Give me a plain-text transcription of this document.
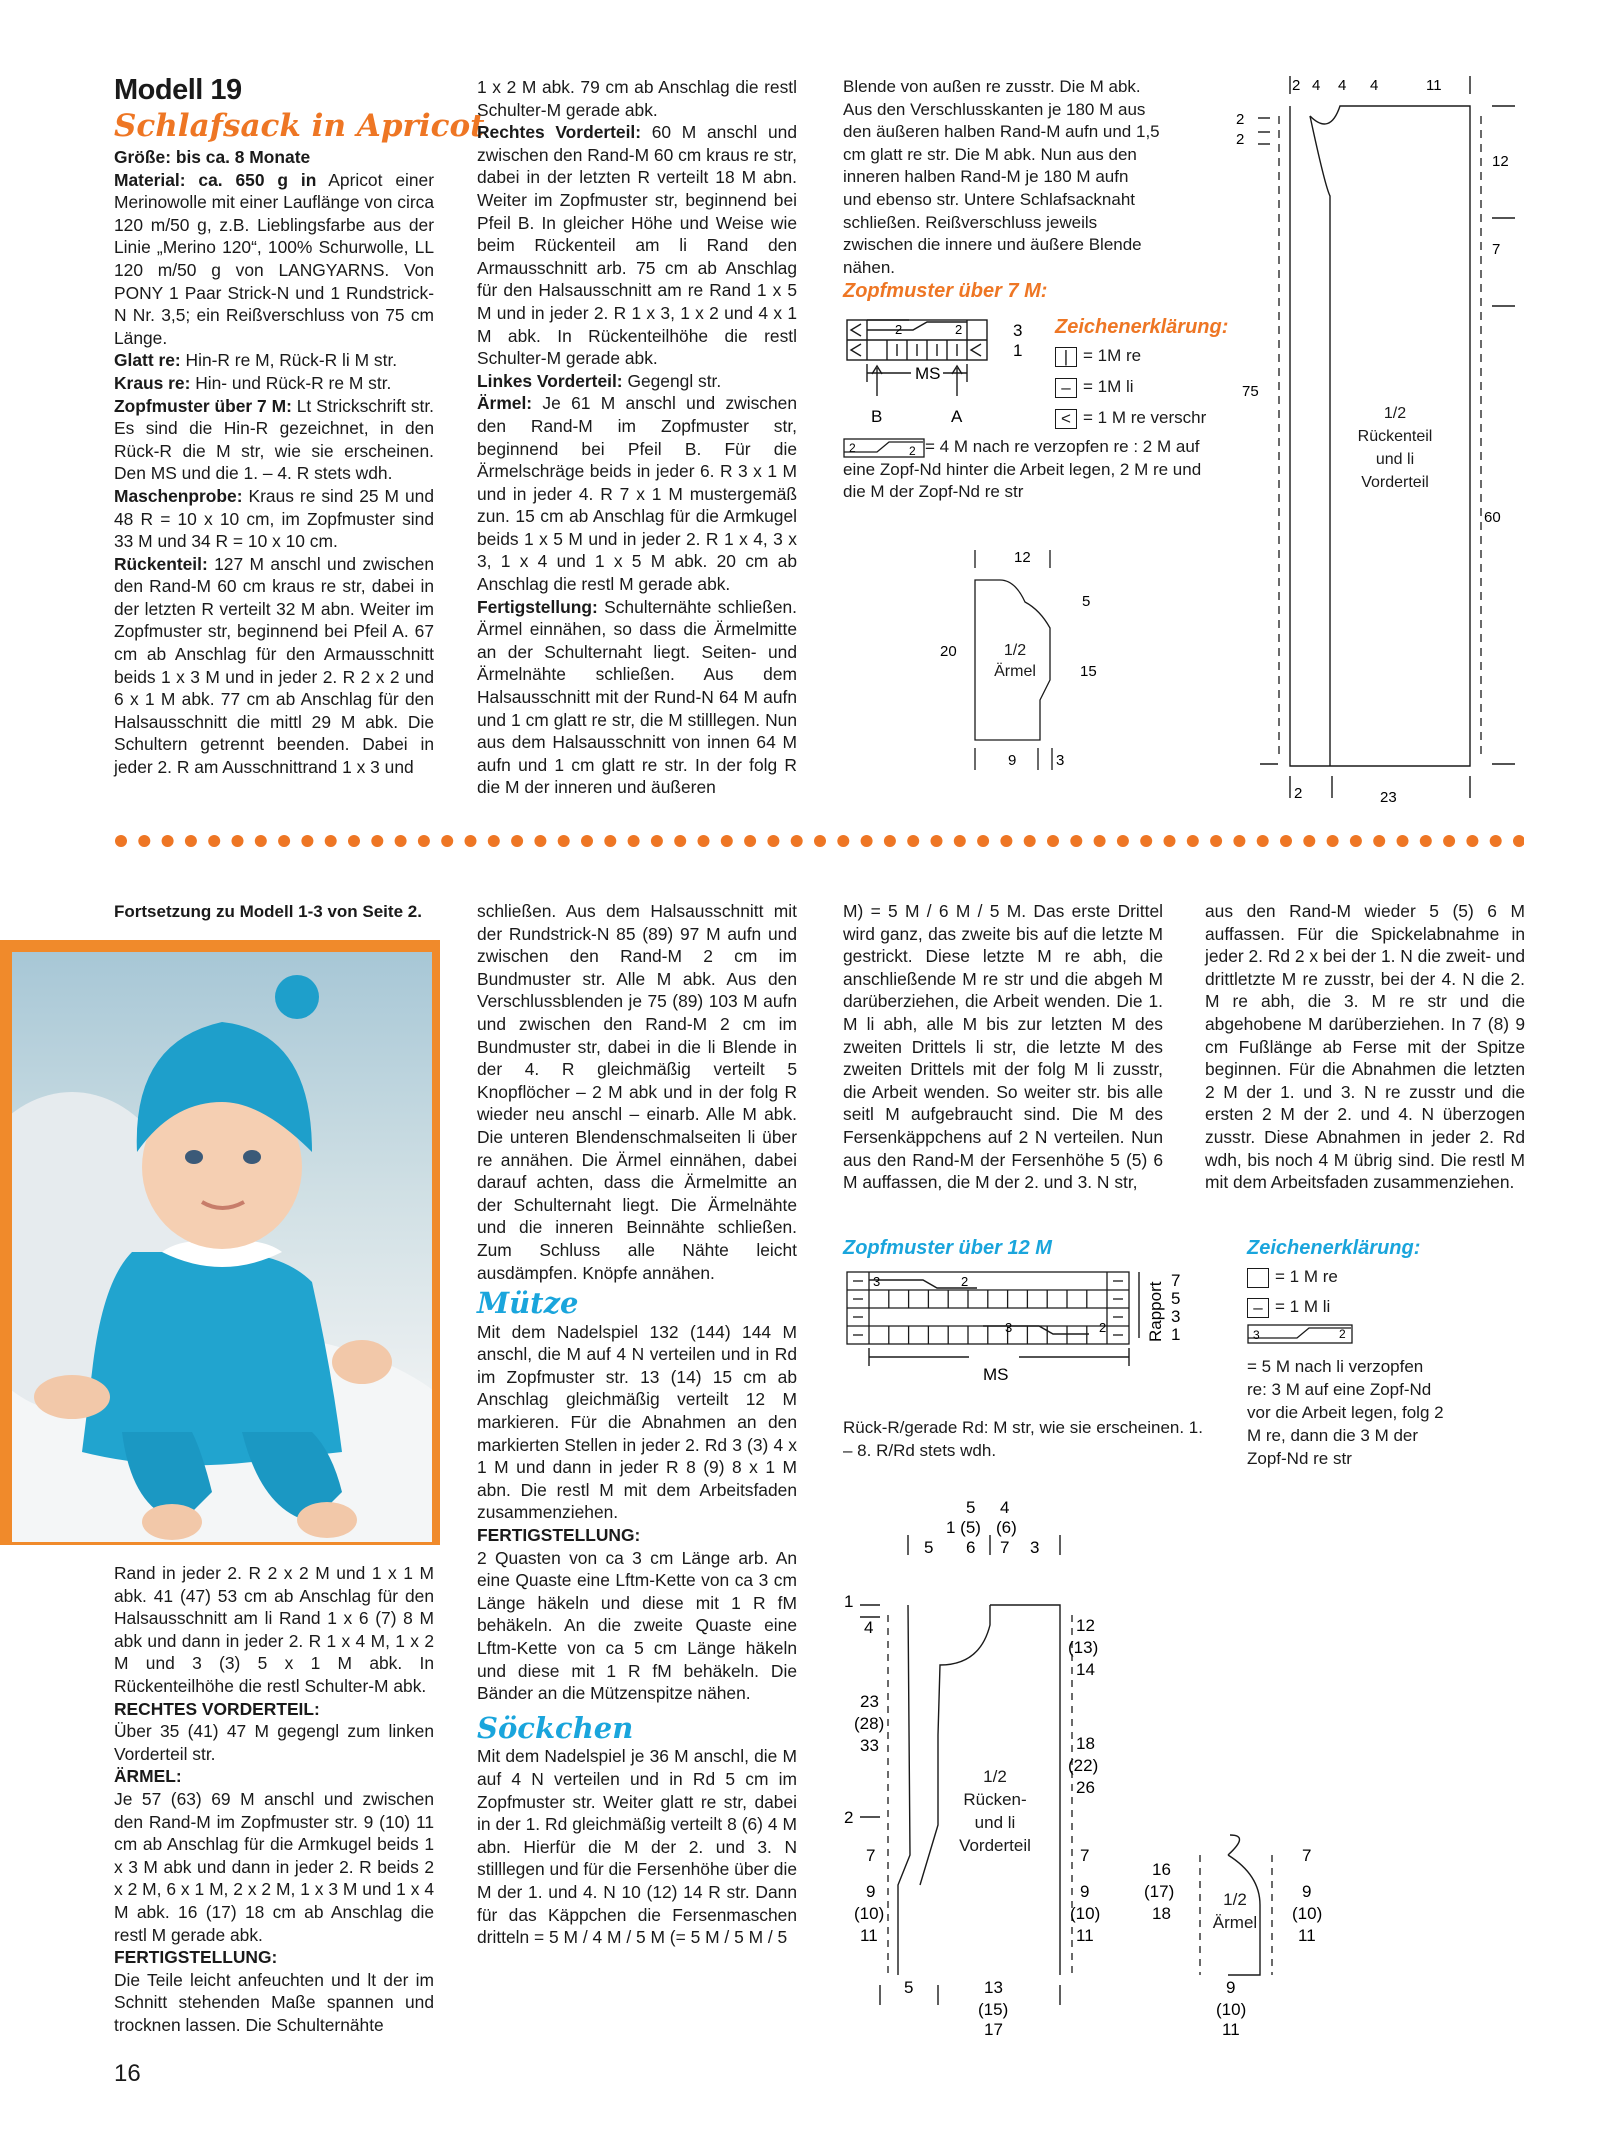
Modell 19
Schlafsack in Apricot

Größe: bis ca. 8 Monate

Material: ca. 650 g in Apricot einer Merinowolle mit einer Lauflänge von circa 120 m/50 g, z.B. Lieblingsfarbe aus der Linie „Merino 120“, 100% Schurwolle, LL 120 m/50 g von LANGYARNS. Von PONY 1 Paar Strick-N und 1 Rundstrick-N Nr. 3,5; ein Reißverschluss von 75 cm Länge.

Glatt re: Hin-R re M, Rück-R li M str.

Kraus re: Hin- und Rück-R re M str.

Zopfmuster über 7 M: Lt Strickschrift str. Es sind die Hin-R gezeichnet, in den Rück-R die M str, wie sie erscheinen. Den MS und die 1. – 4. R stets wdh.

Maschenprobe: Kraus re sind 25 M und 48 R = 10 x 10 cm, im Zopfmuster sind 33 M und 34 R = 10 x 10 cm.

Rückenteil: 127 M anschl und zwischen den Rand-M 60 cm kraus re str, dabei in der letzten R verteilt 32 M abn. Weiter im Zopfmuster str, beginnend bei Pfeil A. 67 cm ab Anschlag für den Armausschnitt beids 1 x 3 M und in jeder 2. R 2 x 2 und 6 x 1 M abk. 77 cm ab Anschlag für den Halsausschnitt die mittl 29 M abk. Die Schultern getrennt beenden. Dabei in jeder 2. R am Ausschnittrand 1 x 3 und

1 x 2 M abk. 79 cm ab Anschlag die restl Schulter-M gerade abk.

Rechtes Vorderteil: 60 M anschl und zwischen den Rand-M 60 cm kraus re str, dabei in der letzten R verteilt 18 M abn. Weiter im Zopfmuster str, beginnend bei Pfeil B. In gleicher Höhe und Weise wie beim Rückenteil am li Rand den Armausschnitt arb. 75 cm ab Anschlag für den Halsausschnitt am re Rand 1 x 5 M und in jeder 2. R 1 x 3, 1 x 2 und 4 x 1 M abk. In Rückenteilhöhe die restl Schulter-M gerade abk.

Linkes Vorderteil: Gegengl str.

Ärmel: Je 61 M anschl und zwischen den Rand-M im Zopfmuster str, beginnend bei Pfeil B. Für die Ärmelschräge beids in jeder 6. R 3 x 1 M und in jeder 4. R 7 x 1 M mustergemäß zun. 15 cm ab Anschlag für die Armkugel beids 1 x 5 M und in jeder 2. R 1 x 4, 3 x 3, 1 x 4 und 1 x 5 M abk. 20 cm ab Anschlag die restl M gerade abk.

Fertigstellung: Schulternähte schließen. Ärmel einnähen, so dass die Ärmelmitte an der Schulternaht liegt. Seiten- und Ärmelnähte schließen. Aus dem Halsausschnitt mit der Rund-N 64 M aufn und 1 cm glatt re str, die M stilllegen. Nun aus dem Halsausschnitt von innen 64 M aufn und 1 cm glatt re str. In der folg R die M der inneren und äußeren

Blende von außen re zusstr. Die M abk. Aus den Verschlusskanten je 180 M aus den äußeren halben Rand-M aufn und 1,5 cm glatt re str. Die M abk. Nun aus den inneren halben Rand-M je 180 M aufn und ebenso str. Untere Schlafsacknaht schließen. Reißverschluss jeweils zwischen die innere und äußere Blende nähen.

Zopfmuster über 7 M:
2	2	3
1
MS
B	A
Zeichenerklärung:
| = 1M re
– = 1M li
< = 1 M re verschr
2	2 = 4 M nach re verzopfen re : 2 M auf eine Zopf-Nd hinter die Arbeit legen, 2 M re und die M der Zopf-Nd re str
12
5
15
20
9	3
1/2
Ärmel
2 4 4 4	11
2
2
12
7
60
75
2	23
1/2
Rückenteil
und li
Vorderteil
Fortsetzung zu Modell 1-3 von Seite 2.

Rand in jeder 2. R 2 x 2 M und 1 x 1 M abk. 41 (47) 53 cm ab Anschlag für den Halsausschnitt am li Rand 1 x 6 (7) 8 M abk und dann in jeder 2. R 1 x 4 M, 1 x 2 M und 3 (3) 5 x 1 M abk. In Rückenteilhöhe die restl Schulter-M abk.

RECHTES VORDERTEIL:

Über 35 (41) 47 M gegengl zum linken Vorderteil str.

ÄRMEL:

Je 57 (63) 69 M anschl und zwischen den Rand-M im Zopfmuster str. 9 (10) 11 cm ab Anschlag für die Armkugel beids 1 x 3 M abk und dann in jeder 2. R beids 2 x 2 M, 6 x 1 M, 2 x 2 M, 1 x 3 M und 1 x 4 M abk. 16 (17) 18 cm ab Anschlag die restl M gerade abk.

FERTIGSTELLUNG:

Die Teile leicht anfeuchten und lt der im Schnitt stehenden Maße spannen und trocknen lassen. Die Schulternähte

schließen. Aus dem Halsausschnitt mit der Rundstrick-N 85 (89) 97 M aufn und zwischen den Rand-M 2 cm im Bundmuster str. Alle M abk. Aus den Verschlussblenden je 75 (89) 103 M aufn und zwischen den Rand-M 2 cm im Bundmuster str, dabei in die li Blende in der 4. R gleichmäßig verteilt 5 Knopflöcher – 2 M abk und in der folg R wieder neu anschl – einarb. Alle M abk. Die unteren Blendenschmalseiten li über re annähen. Die Ärmel einnähen, dabei darauf achten, dass die Ärmelmitte an der Schulternaht liegt. Die Ärmelnähte und die inneren Beinnähte schließen. Zum Schluss alle Nähte leicht ausdämpfen. Knöpfe annähen.

Mütze

Mit dem Nadelspiel 132 (144) 144 M anschl, die M auf 4 N verteilen und in Rd im Zopfmuster str. 13 (14) 15 cm ab Anschlag gleichmäßig verteilt 12 M markieren. Für die Abnahmen an den markierten Stellen in jeder 2. Rd 3 (3) 4 x 1 M und dann in jeder R 8 (9) 8 x 1 M abn. Die restl M mit dem Arbeitsfaden zusammenziehen.

FERTIGSTELLUNG:

2 Quasten von ca 3 cm Länge arb. An eine Quaste eine Lftm-Kette von ca 3 cm Länge häkeln und diese mit 1 R fM behäkeln. An die zweite Quaste eine Lftm-Kette von ca 5 cm Länge häkeln und diese mit 1 R fM behäkeln. Die Bänder an die Mützenspitze nähen.

Söckchen

Mit dem Nadelspiel je 36 M anschl, die M auf 4 N verteilen und in Rd 5 cm im Zopfmuster str. Weiter glatt re str, dabei in der 1. Rd gleichmäßig verteilt 8 (6) 4 M abn. Hierfür die M der 2. und 3. N stilllegen und für die Fersenhöhe über die M der 1. und 4. N 10 (12) 14 R str. Dann für das Käppchen die Fersenmaschen dritteln = 5 M / 4 M / 5 M (= 5 M / 5 M / 5

M) = 5 M / 6 M / 5 M. Das erste Drittel wird ganz, das zweite bis auf die letzte M gestrickt. Diese letzte M re abh, die anschließende M re str und die abgeh M darüberziehen, die Arbeit wenden. Die 1. M li abh, alle M bis zur letzten M des zweiten Drittels li str, die letzte M des zweiten Drittels mit der folg M li zusstr, die Arbeit wenden. So weiter str. bis alle seitl M aufgebraucht sind. Die M des Fersenkäppchens auf 2 N verteilen. Nun aus den Rand-M der Fersenhöhe 5 (5) 6 M auffassen, die M der 2. und 3. N str,

aus den Rand-M wieder 5 (5) 6 M auffassen. Für die Spickelabnahme in jeder 2. Rd 2 x bei der 1. N die zweit- und drittletzte M re zusstr, bei der 4. N die 2. M re abh, die 3. M re str und die abgehobene M darüberziehen. In 7 (8) 9 cm Fußlänge ab Ferse mit der Spitze beginnen. Für die Abnahmen die letzten 2 M der 1. und 3. N re zusstr und die ersten 2 M der 2. und 4. N überzogen zusstr. Diese Abnahmen in jeder 2. Rd wdh, bis noch 4 M übrig sind. Die restl M mit dem Arbeitsfaden zusammenziehen.

Zopfmuster über 12 M
3	2
3	2 Rapport
7
5
3
1
MS
Rück-R/gerade Rd: M str, wie sie erscheinen. 1. – 8. R/Rd stets wdh.
Zeichenerklärung:
= 1 M re
– = 1 M li
3	2
= 5 M nach li verzopfen re: 3 M auf eine Zopf-Nd vor die Arbeit legen, folg 2 M re, dann die 3 M der Zopf-Nd re str
5 4
1 (5) (6)
5 6 7 3
1
4
23
(28)
33
2
7
9
(10)
11
12
(13)
14
18
(22)
26
7
9
(10)
11
5	13
(15)
17
16
(17)
18
7
9
(10)
11
9
(10)
11
1/2
Rücken-
und li
Vorderteil
1/2
Ärmel
16
